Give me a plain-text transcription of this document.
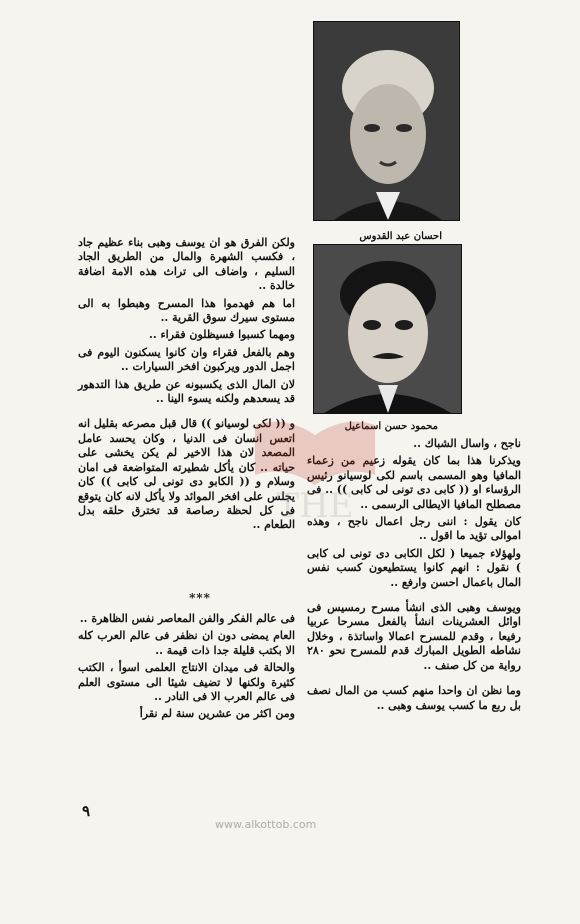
احسان عبد القدوس
محمود حسن اسماعيل

ولكن الفرق هو ان يوسف وهبى بناء عظيم جاد ، فكسب الشهرة والمال من الطريق الجاد السليم ، واضاف الى تراث هذه الامة اضافة خالدة ..

اما هم فهدموا هذا المسرح وهبطوا به الى مستوى سيرك سوق القرية ..

ومهما كسبوا فسيظلون فقراء ..

وهم بالفعل فقراء وان كانوا يسكنون اليوم فى اجمل الدور ويركبون افخر السيارات ..

لان المال الذى يكسبونه عن طريق هذا التدهور قد يسعدهم ولكنه يسوء الينا ..

و (( لكى لوسيانو )) قال قبل مصرعه بقليل انه اتعس انسان فى الدنيا ، وكان يحسد عامل المصعد لان هذا الاخير لم يكن يخشى على حياته .. كان يأكل شطيرته المتواضعة فى امان وسلام و (( الكابو دى تونى لى كابى )) كان يجلس على افخر الموائد ولا يأكل لانه كان يتوقع فى كل لحظة رصاصة قد تخترق حلقه بدل الطعام ..

***

فى عالم الفكر والفن المعاصر نفس الظاهرة ..

العام يمضى دون ان نظفر فى عالم العرب كله الا بكتب قليلة جدا ذات قيمة ..

والحالة فى ميدان الانتاج العلمى اسوأ ، الكتب كثيرة ولكنها لا تضيف شيئا الى مستوى العلم فى عالم العرب الا فى النادر ..

ومن اكثر من عشرين سنة لم نقرأ

ناجح ، واسال الشباك ..

ويذكرنا هذا بما كان يقوله زعيم من زعماء المافيا وهو المسمى باسم لكى لوسيانو رئيس الرؤساء او (( كابى دى تونى لى كابى )) .. فى مصطلح المافيا الايطالى الرسمى ..

كان يقول : اننى رجل اعمال ناجح ، وهذه اموالى تؤيد ما اقول ..

ولهؤلاء جميعا ( لكل الكابى دى تونى لى كابى ) نقول : انهم كانوا يستطيعون كسب نفس المال باعمال احسن وارفع ..

ويوسف وهبى الذى انشأ مسرح رمسيس فى اوائل العشرينات انشأ بالفعل مسرحا عربيا رفيعا ، وقدم للمسرح اعمالا واساتذة ، وخلال نشاطه الطويل المبارك قدم للمسرح نحو ٢٨٠ رواية من كل صنف ..

وما نظن ان واحدا منهم كسب من المال نصف بل ربع ما كسب يوسف وهبى ..

٩
THE
www.alkottob.com
